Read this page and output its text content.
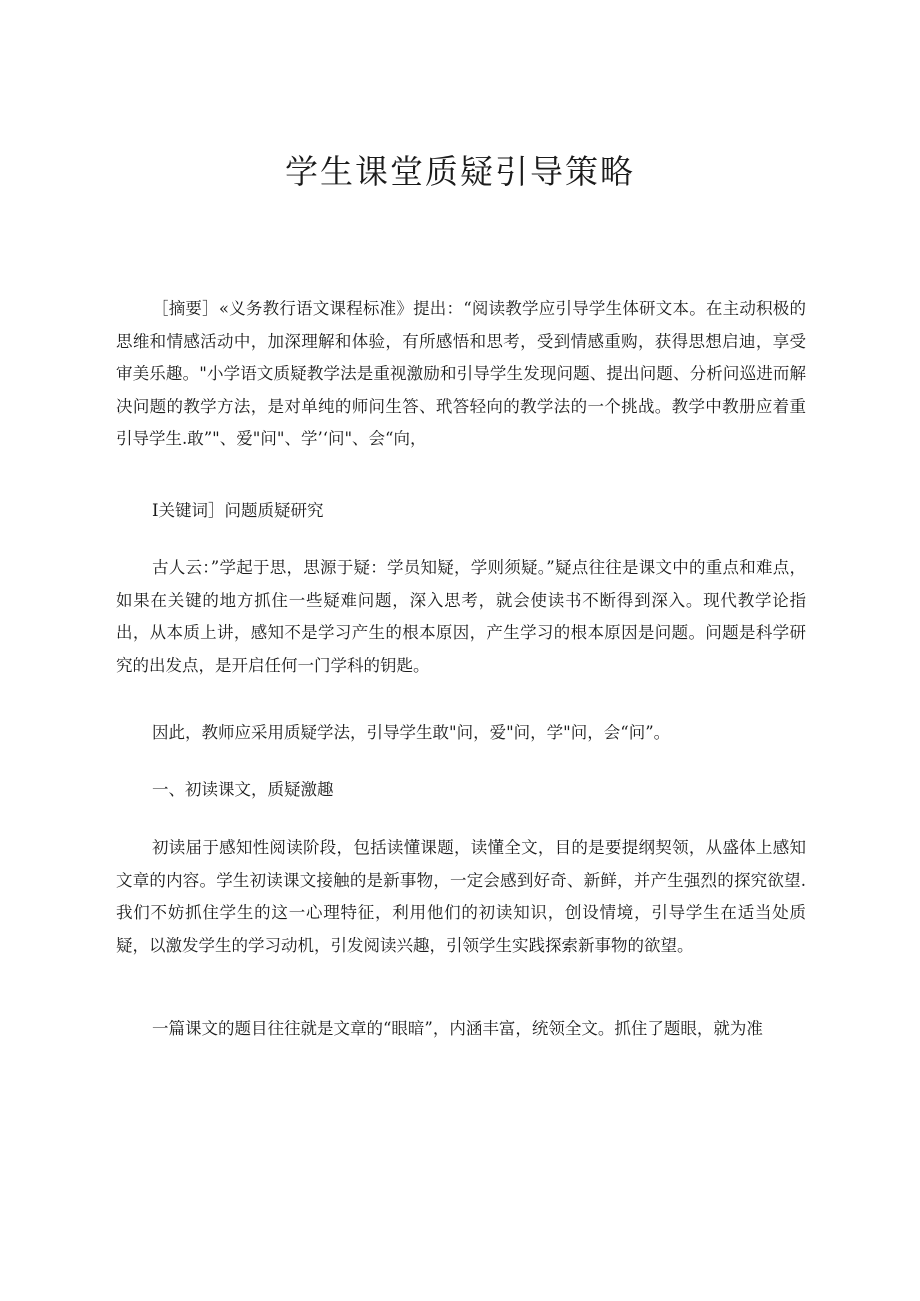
学生课堂质疑引导策略

［摘要］«义务教行语文课程标准》提出：“阅读教学应引导学生体研文本。在主动积极的思维和情感活动中，加深理解和体验，有所感悟和思考，受到情感重购，获得思想启迪，享受审美乐趣。"小学语文质疑教学法是重视激励和引导学生发现问题、提出问题、分析问巡进而解决问题的教学方法，是对单纯的师问生答、玳答轻向的教学法的一个挑战。教学中教册应着重引导学生.敢”"、爱"问"、学’‘问"、会“向，

I关键词］问题质疑研究

古人云：”学起于思，思源于疑：学员知疑，学则须疑。”疑点往往是课文中的重点和难点，如果在关键的地方抓住一些疑难问题，深入思考，就会使读书不断得到深入。现代教学论指出，从本质上讲，感知不是学习产生的根本原因，产生学习的根本原因是问题。问题是科学研究的出发点，是开启任何一门学科的钥匙。

因此，教师应采用质疑学法，引导学生敢"问，爱"问，学"问，会“问”。

一、初读课文，质疑激趣

初读届于感知性阅读阶段，包括读懂课题，读懂全文，目的是要提纲契领，从盛体上感知文章的内容。学生初读课文接触的是新事物，一定会感到好奇、新鲜，并产生强烈的探究欲望.我们不妨抓住学生的这一心理特征，利用他们的初读知识，创设情境，引导学生在适当处质疑，以激发学生的学习动机，引发阅读兴趣，引领学生实践探索新事物的欲望。

一篇课文的题目往往就是文章的“眼暗”，内涵丰富，统领全文。抓住了题眼，就为准
